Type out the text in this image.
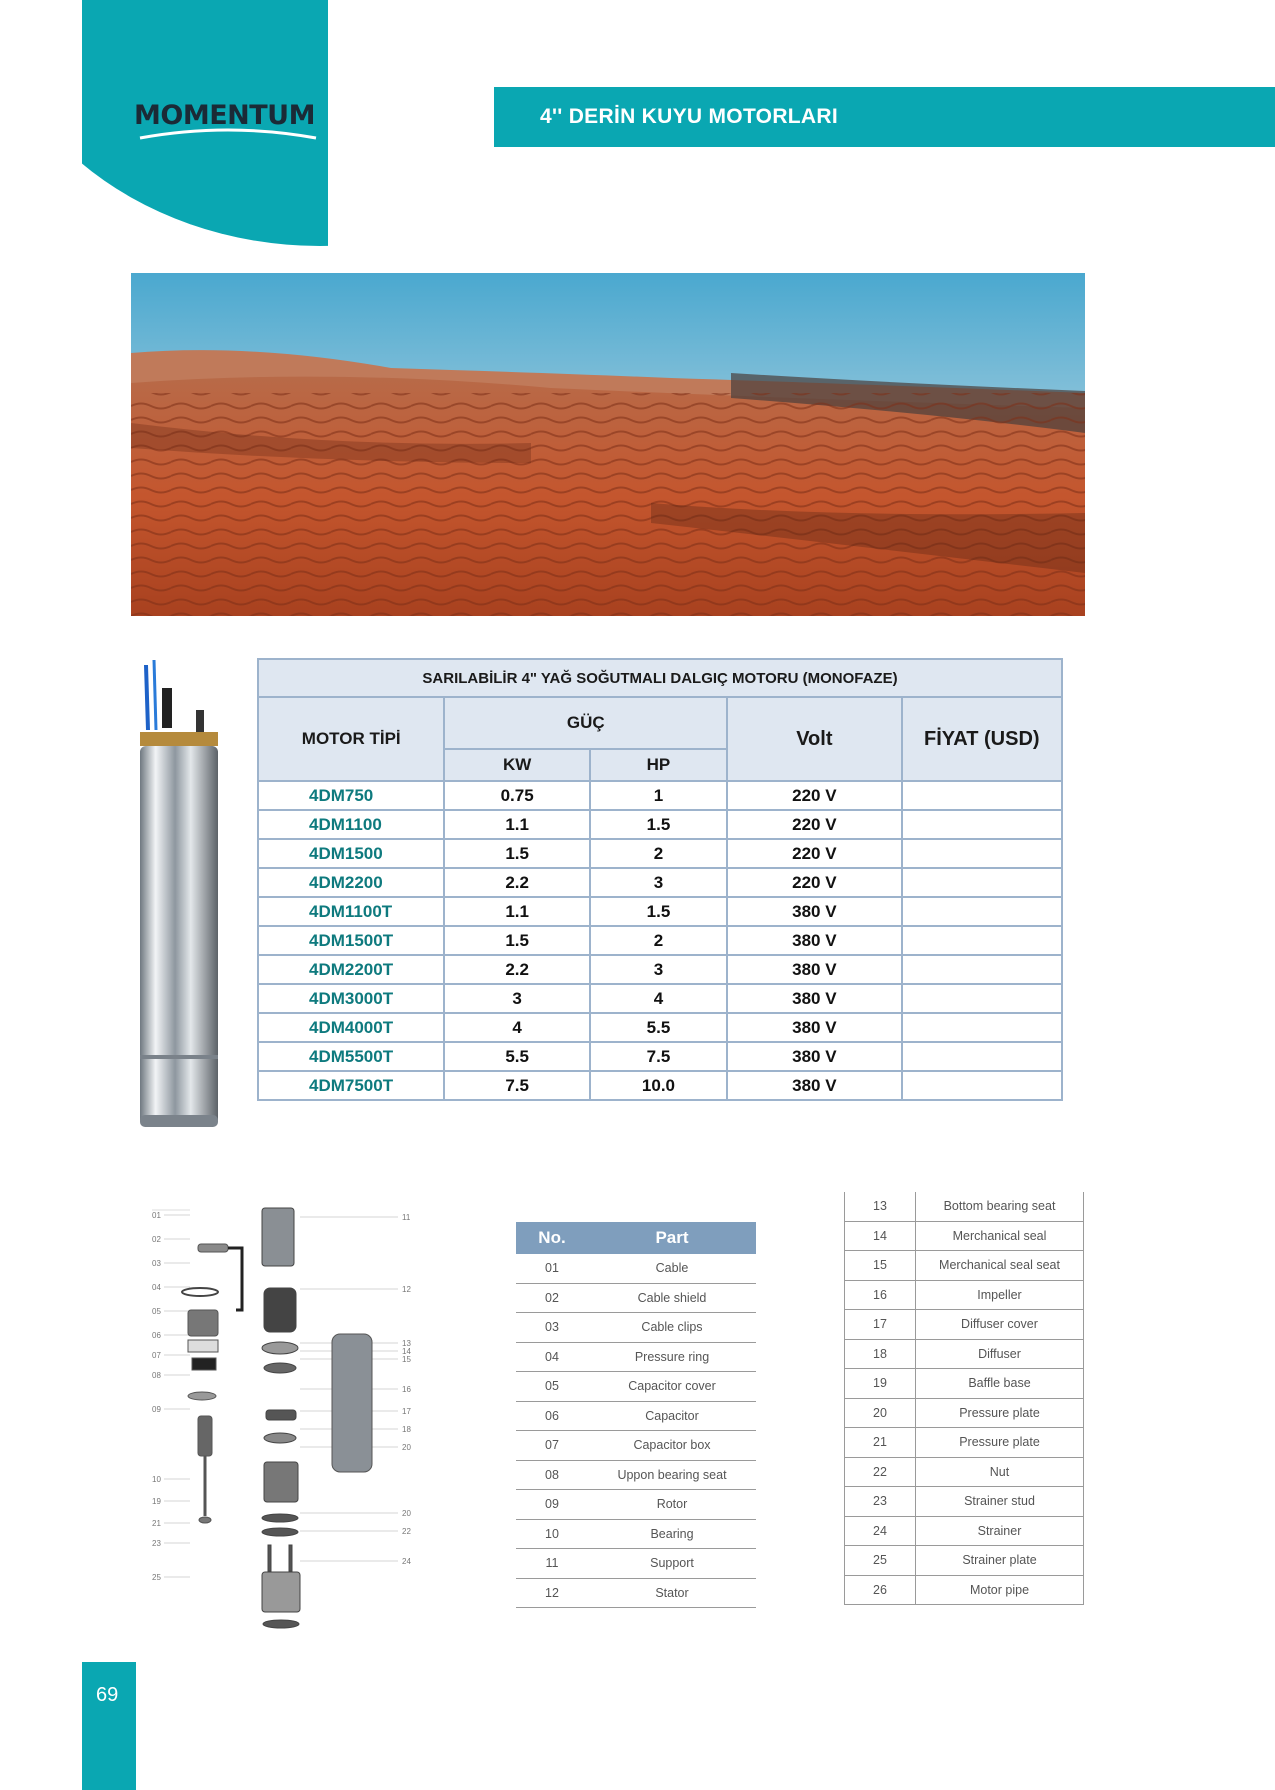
MOMENTUM	4'' DERİN KUYU MOTORLARI
SARILABİLİR 4" YAĞ SOĞUTMALI DALGIÇ MOTORU (MONOFAZE)				
MOTOR TİPİ	GÜÇ		Volt	FİYAT (USD)
	KW	HP		
4DM750	0.75	1	220 V	
4DM1100	1.1	1.5	220 V	
4DM1500	1.5	2	220 V	
4DM2200	2.2	3	220 V	
4DM1100T	1.1	1.5	380 V	
4DM1500T	1.5	2	380 V	
4DM2200T	2.2	3	380 V	
4DM3000T	3	4	380 V	
4DM4000T	4	5.5	380 V	
4DM5500T	5.5	7.5	380 V	
4DM7500T	7.5	10.0	380 V	
01
02
03
04
05
06
07
08
09
10
19
21
23
25
11
12
13
14
15
16
17
18
20
20
22
24
No.	Part
01	Cable
02	Cable shield
03	Cable clips
04	Pressure ring
05	Capacitor cover
06	Capacitor
07	Capacitor box
08	Uppon bearing seat
09	Rotor
10	Bearing
11	Support
12	Stator
13	Bottom bearing seat
14	Merchanical seal
15	Merchanical seal seat
16	Impeller
17	Diffuser cover
18	Diffuser
19	Baffle base
20	Pressure plate
21	Pressure plate
22	Nut
23	Strainer stud
24	Strainer
25	Strainer plate
26	Motor pipe
69
